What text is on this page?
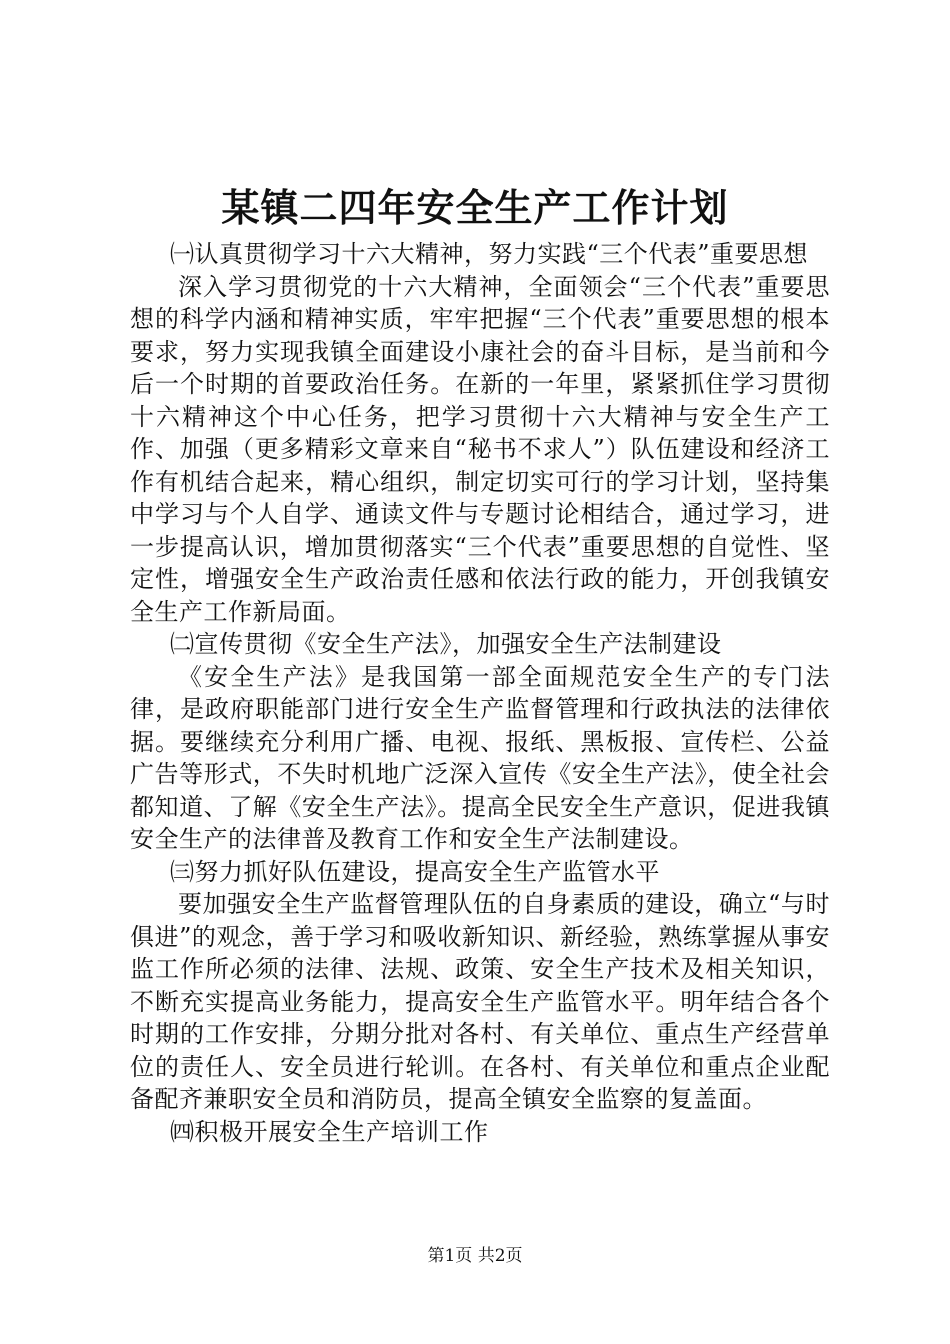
某镇二四年安全生产工作计划

㈠认真贯彻学习十六大精神，努力实践“三个代表”重要思想

深入学习贯彻党的十六大精神，全面领会“三个代表”重要思想的科学内涵和精神实质，牢牢把握“三个代表”重要思想的根本要求，努力实现我镇全面建设小康社会的奋斗目标，是当前和今后一个时期的首要政治任务。在新的一年里，紧紧抓住学习贯彻十六精神这个中心任务，把学习贯彻十六大精神与安全生产工作、加强（更多精彩文章来自“秘书不求人”）队伍建设和经济工作有机结合起来，精心组织，制定切实可行的学习计划，坚持集中学习与个人自学、通读文件与专题讨论相结合，通过学习，进一步提高认识，增加贯彻落实“三个代表”重要思想的自觉性、坚定性，增强安全生产政治责任感和依法行政的能力，开创我镇安全生产工作新局面。

㈡宣传贯彻《安全生产法》，加强安全生产法制建设

《安全生产法》是我国第一部全面规范安全生产的专门法律，是政府职能部门进行安全生产监督管理和行政执法的法律依据。要继续充分利用广播、电视、报纸、黑板报、宣传栏、公益广告等形式，不失时机地广泛深入宣传《安全生产法》，使全社会都知道、了解《安全生产法》。提高全民安全生产意识，促进我镇安全生产的法律普及教育工作和安全生产法制建设。

㈢努力抓好队伍建设，提高安全生产监管水平

要加强安全生产监督管理队伍的自身素质的建设，确立“与时俱进”的观念，善于学习和吸收新知识、新经验，熟练掌握从事安监工作所必须的法律、法规、政策、安全生产技术及相关知识，不断充实提高业务能力，提高安全生产监管水平。明年结合各个时期的工作安排，分期分批对各村、有关单位、重点生产经营单位的责任人、安全员进行轮训。在各村、有关单位和重点企业配备配齐兼职安全员和消防员，提高全镇安全监察的复盖面。

㈣积极开展安全生产培训工作

第1页 共2页
